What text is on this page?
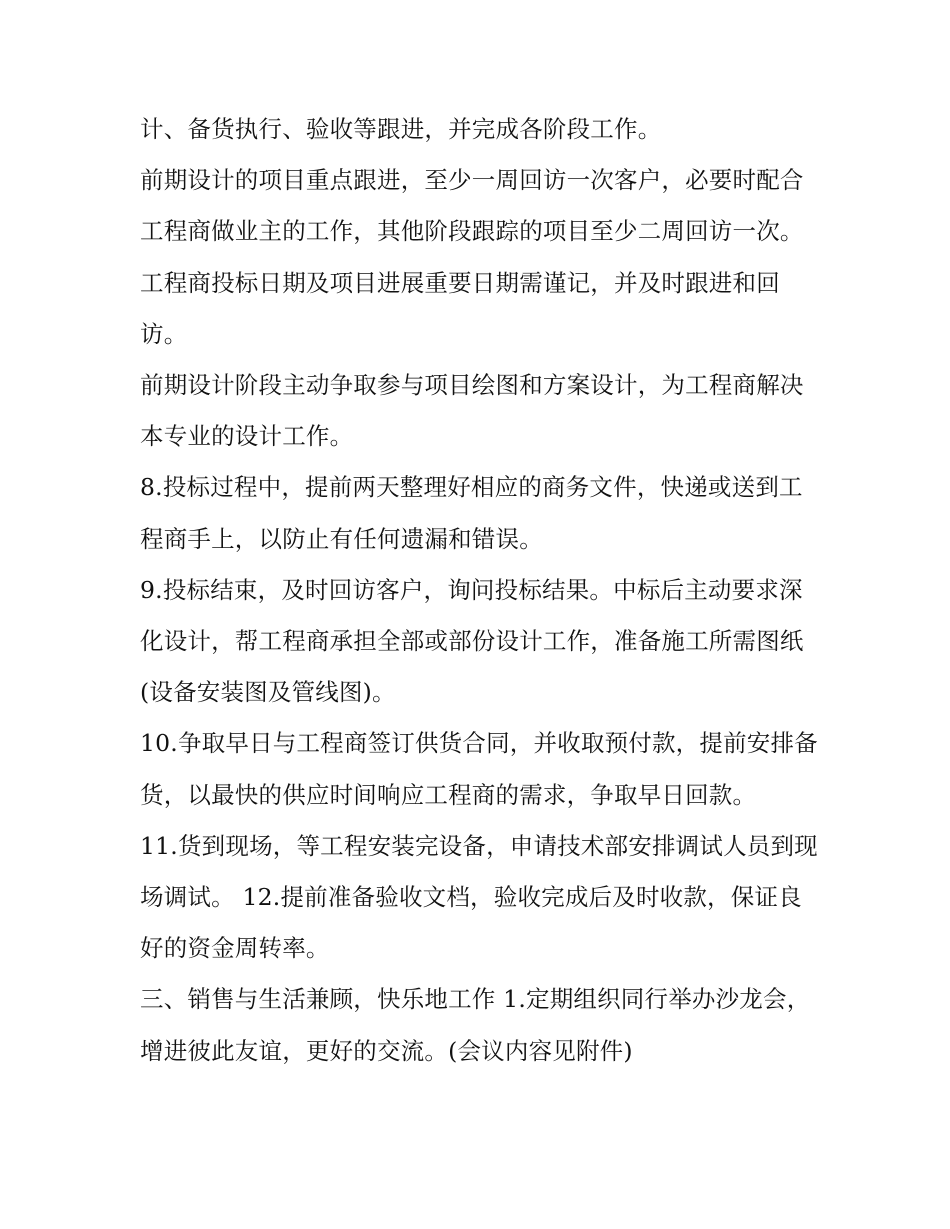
计、备货执行、验收等跟进，并完成各阶段工作。

前期设计的项目重点跟进，至少一周回访一次客户，必要时配合工程商做业主的工作，其他阶段跟踪的项目至少二周回访一次。工程商投标日期及项目进展重要日期需谨记，并及时跟进和回访。

前期设计阶段主动争取参与项目绘图和方案设计，为工程商解决本专业的设计工作。

8.投标过程中，提前两天整理好相应的商务文件，快递或送到工程商手上，以防止有任何遗漏和错误。

9.投标结束，及时回访客户，询问投标结果。中标后主动要求深化设计，帮工程商承担全部或部份设计工作，准备施工所需图纸(设备安装图及管线图)。

10.争取早日与工程商签订供货合同，并收取预付款，提前安排备货，以最快的供应时间响应工程商的需求，争取早日回款。

11.货到现场，等工程安装完设备，申请技术部安排调试人员到现场调试。 12.提前准备验收文档，验收完成后及时收款，保证良好的资金周转率。

三、销售与生活兼顾，快乐地工作 1.定期组织同行举办沙龙会，增进彼此友谊，更好的交流。(会议内容见附件)
